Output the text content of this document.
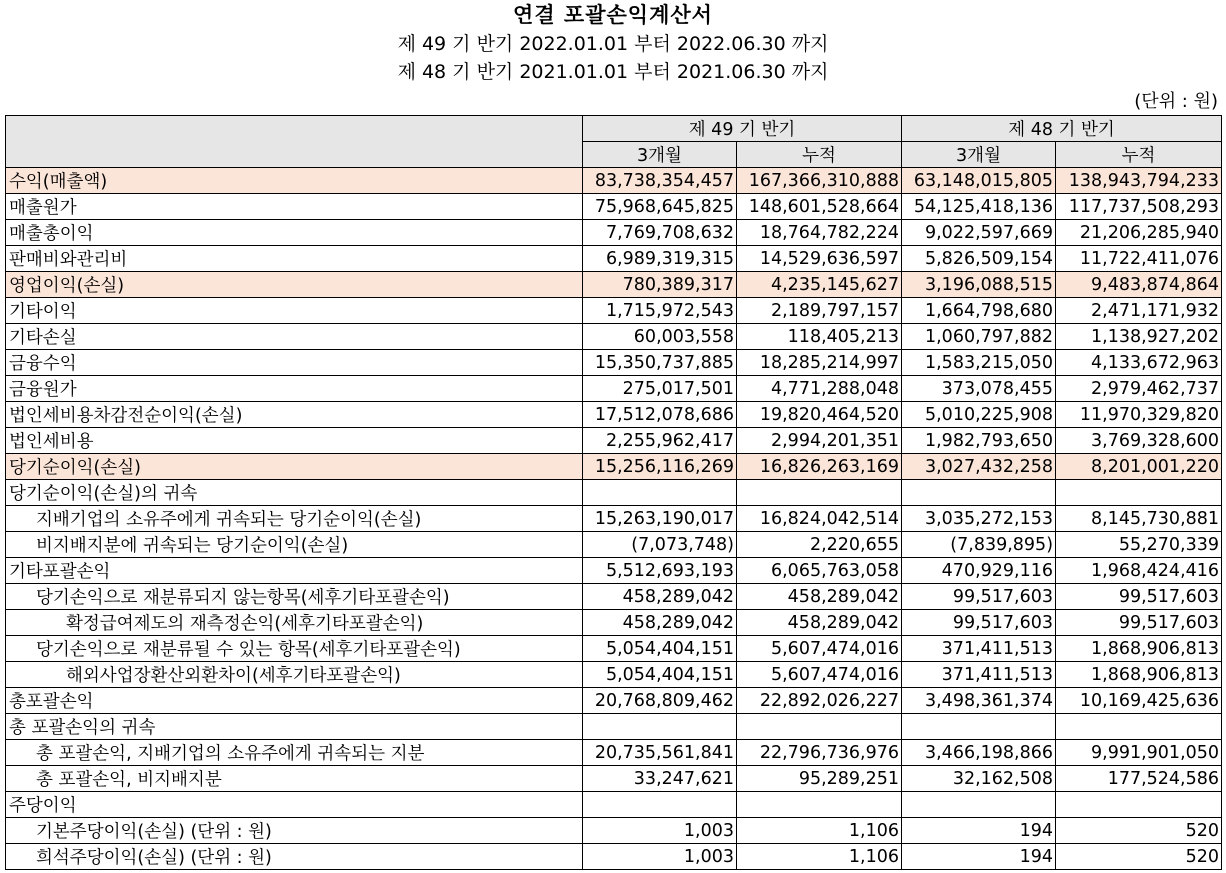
연결 포괄손익계산서
제 49 기 반기 2022.01.01 부터 2022.06.30 까지
제 48 기 반기 2021.01.01 부터 2021.06.30 까지
(단위 : 원)
	제 49 기 반기		제 48 기 반기	
	3개월	누적	3개월	누적
수익(매출액)	83,738,354,457	167,366,310,888	63,148,015,805	138,943,794,233
매출원가	75,968,645,825	148,601,528,664	54,125,418,136	117,737,508,293
매출총이익	7,769,708,632	18,764,782,224	9,022,597,669	21,206,285,940
판매비와관리비	6,989,319,315	14,529,636,597	5,826,509,154	11,722,411,076
영업이익(손실)	780,389,317	4,235,145,627	3,196,088,515	9,483,874,864
기타이익	1,715,972,543	2,189,797,157	1,664,798,680	2,471,171,932
기타손실	60,003,558	118,405,213	1,060,797,882	1,138,927,202
금융수익	15,350,737,885	18,285,214,997	1,583,215,050	4,133,672,963
금융원가	275,017,501	4,771,288,048	373,078,455	2,979,462,737
법인세비용차감전순이익(손실)	17,512,078,686	19,820,464,520	5,010,225,908	11,970,329,820
법인세비용	2,255,962,417	2,994,201,351	1,982,793,650	3,769,328,600
당기순이익(손실)	15,256,116,269	16,826,263,169	3,027,432,258	8,201,001,220
당기순이익(손실)의 귀속				
지배기업의 소유주에게 귀속되는 당기순이익(손실)	15,263,190,017	16,824,042,514	3,035,272,153	8,145,730,881
비지배지분에 귀속되는 당기순이익(손실)	(7,073,748)	2,220,655	(7,839,895)	55,270,339
기타포괄손익	5,512,693,193	6,065,763,058	470,929,116	1,968,424,416
당기손익으로 재분류되지 않는항목(세후기타포괄손익)	458,289,042	458,289,042	99,517,603	99,517,603
확정급여제도의 재측정손익(세후기타포괄손익)	458,289,042	458,289,042	99,517,603	99,517,603
당기손익으로 재분류될 수 있는 항목(세후기타포괄손익)	5,054,404,151	5,607,474,016	371,411,513	1,868,906,813
해외사업장환산외환차이(세후기타포괄손익)	5,054,404,151	5,607,474,016	371,411,513	1,868,906,813
총포괄손익	20,768,809,462	22,892,026,227	3,498,361,374	10,169,425,636
총 포괄손익의 귀속				
총 포괄손익, 지배기업의 소유주에게 귀속되는 지분	20,735,561,841	22,796,736,976	3,466,198,866	9,991,901,050
총 포괄손익, 비지배지분	33,247,621	95,289,251	32,162,508	177,524,586
주당이익				
기본주당이익(손실) (단위 : 원)	1,003	1,106	194	520
희석주당이익(손실) (단위 : 원)	1,003	1,106	194	520
